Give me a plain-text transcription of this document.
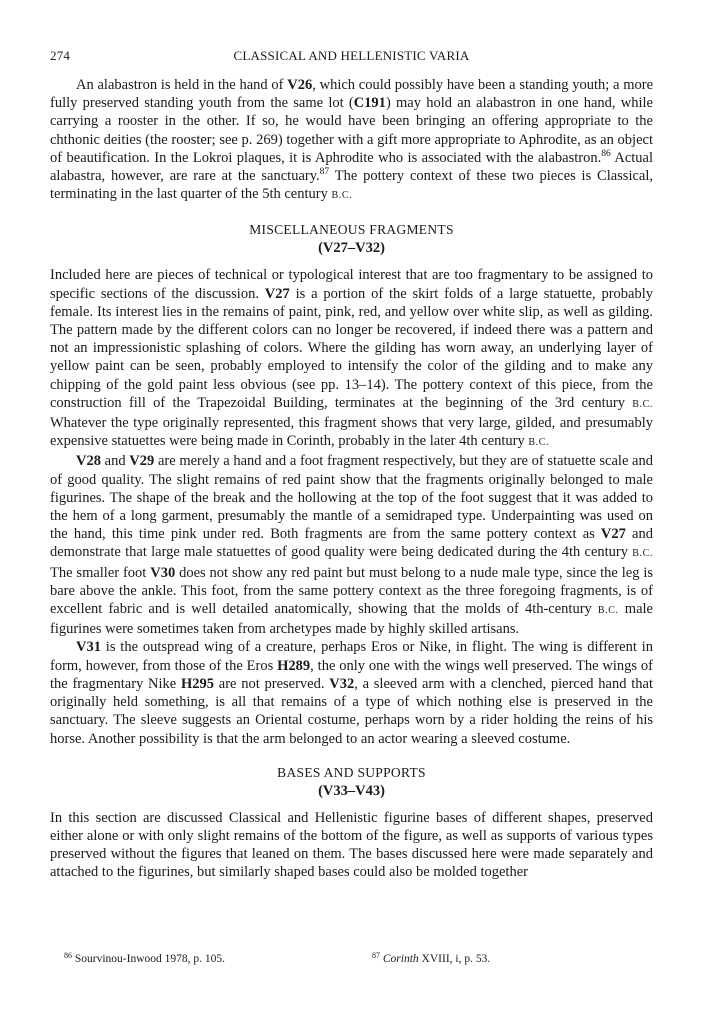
274	CLASSICAL AND HELLENISTIC VARIA

An alabastron is held in the hand of V26, which could possibly have been a standing youth; a more fully preserved standing youth from the same lot (C191) may hold an alabastron in one hand, while carrying a rooster in the other. If so, he would have been bringing an offering appropriate to the chthonic deities (the rooster; see p. 269) together with a gift more appropriate to Aphrodite, as an object of beautification. In the Lokroi plaques, it is Aphrodite who is associated with the alabastron.$^{86}$ Actual alabastra, however, are rare at the sanctuary.$^{87}$ The pottery context of these two pieces is Classical, terminating in the last quarter of the 5th century B.C.

MISCELLANEOUS FRAGMENTS
(V27–V32)

Included here are pieces of technical or typological interest that are too fragmentary to be assigned to specific sections of the discussion. V27 is a portion of the skirt folds of a large statuette, probably female. Its interest lies in the remains of paint, pink, red, and yellow over white slip, as well as gilding. The pattern made by the different colors can no longer be recovered, if indeed there was a pattern and not an impressionistic splashing of colors. Where the gilding has worn away, an underlying layer of yellow paint can be seen, probably employed to intensify the color of the gilding and to make any chipping of the gold paint less obvious (see pp. 13–14). The pottery context of this piece, from the construction fill of the Trapezoidal Building, terminates at the beginning of the 3rd century B.C. Whatever the type originally represented, this fragment shows that very large, gilded, and presumably expensive statuettes were being made in Corinth, probably in the later 4th century B.C.

V28 and V29 are merely a hand and a foot fragment respectively, but they are of statuette scale and of good quality. The slight remains of red paint show that the fragments originally belonged to male figurines. The shape of the break and the hollowing at the top of the foot suggest that it was added to the hem of a long garment, presumably the mantle of a semidraped type. Underpainting was used on the hand, this time pink under red. Both fragments are from the same pottery context as V27 and demonstrate that large male statuettes of good quality were being dedicated during the 4th century B.C. The smaller foot V30 does not show any red paint but must belong to a nude male type, since the leg is bare above the ankle. This foot, from the same pottery context as the three foregoing fragments, is of excellent fabric and is well detailed anatomically, showing that the molds of 4th-century B.C. male figurines were sometimes taken from archetypes made by highly skilled artisans.

V31 is the outspread wing of a creature, perhaps Eros or Nike, in flight. The wing is different in form, however, from those of the Eros H289, the only one with the wings well preserved. The wings of the fragmentary Nike H295 are not preserved. V32, a sleeved arm with a clenched, pierced hand that originally held something, is all that remains of a type of which nothing else is preserved in the sanctuary. The sleeve suggests an Oriental costume, perhaps worn by a rider holding the reins of his horse. Another possibility is that the arm belonged to an actor wearing a sleeved costume.

BASES AND SUPPORTS
(V33–V43)

In this section are discussed Classical and Hellenistic figurine bases of different shapes, preserved either alone or with only slight remains of the bottom of the figure, as well as supports of various types preserved without the figures that leaned on them. The bases discussed here were made separately and attached to the figurines, but similarly shaped bases could also be molded together

$^{86}$ Sourvinou-Inwood 1978, p. 105.	$^{87}$ Corinth XVIII, i, p. 53.
